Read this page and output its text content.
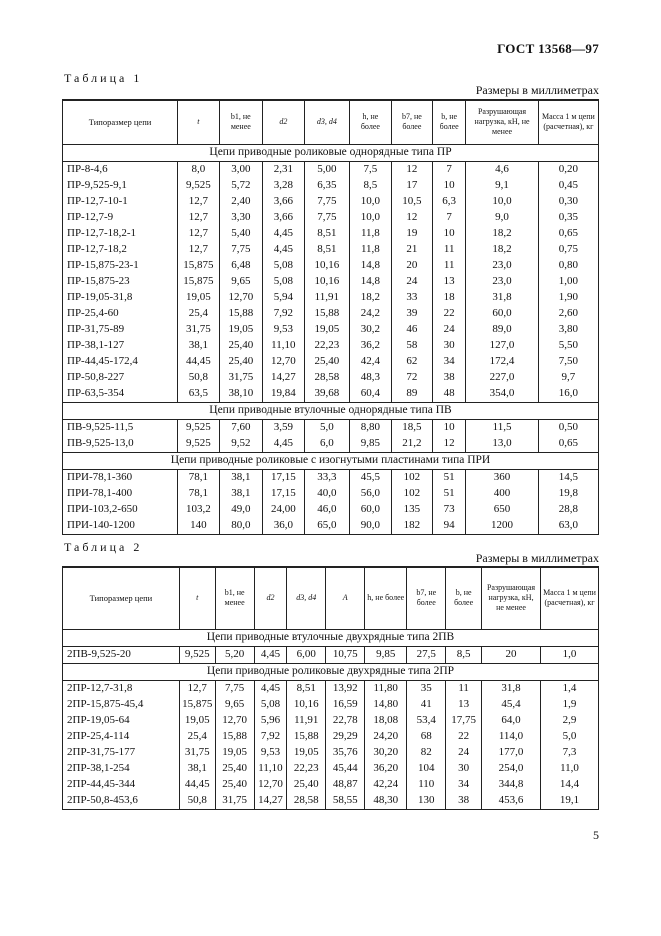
ГОСТ 13568—97
Таблица 1
Размеры в миллиметрах
Типоразмер цепи	t	b1, не менее	d2	d3, d4	h, не более	b7, не более	b, не более	Разрушающая нагрузка, кН, не менее	Масса 1 м цепи (расчетная), кг
Цепи приводные роликовые однорядные типа ПР									
ПР-8-4,6	8,0	3,00	2,31	5,00	7,5	12	7	4,6	0,20
ПР-9,525-9,1	9,525	5,72	3,28	6,35	8,5	17	10	9,1	0,45
ПР-12,7-10-1	12,7	2,40	3,66	7,75	10,0	10,5	6,3	10,0	0,30
ПР-12,7-9	12,7	3,30	3,66	7,75	10,0	12	7	9,0	0,35
ПР-12,7-18,2-1	12,7	5,40	4,45	8,51	11,8	19	10	18,2	0,65
ПР-12,7-18,2	12,7	7,75	4,45	8,51	11,8	21	11	18,2	0,75
ПР-15,875-23-1	15,875	6,48	5,08	10,16	14,8	20	11	23,0	0,80
ПР-15,875-23	15,875	9,65	5,08	10,16	14,8	24	13	23,0	1,00
ПР-19,05-31,8	19,05	12,70	5,94	11,91	18,2	33	18	31,8	1,90
ПР-25,4-60	25,4	15,88	7,92	15,88	24,2	39	22	60,0	2,60
ПР-31,75-89	31,75	19,05	9,53	19,05	30,2	46	24	89,0	3,80
ПР-38,1-127	38,1	25,40	11,10	22,23	36,2	58	30	127,0	5,50
ПР-44,45-172,4	44,45	25,40	12,70	25,40	42,4	62	34	172,4	7,50
ПР-50,8-227	50,8	31,75	14,27	28,58	48,3	72	38	227,0	9,7
ПР-63,5-354	63,5	38,10	19,84	39,68	60,4	89	48	354,0	16,0
Цепи приводные втулочные однорядные типа ПВ									
ПВ-9,525-11,5	9,525	7,60	3,59	5,0	8,80	18,5	10	11,5	0,50
ПВ-9,525-13,0	9,525	9,52	4,45	6,0	9,85	21,2	12	13,0	0,65
Цепи приводные роликовые с изогнутыми пластинами типа ПРИ									
ПРИ-78,1-360	78,1	38,1	17,15	33,3	45,5	102	51	360	14,5
ПРИ-78,1-400	78,1	38,1	17,15	40,0	56,0	102	51	400	19,8
ПРИ-103,2-650	103,2	49,0	24,00	46,0	60,0	135	73	650	28,8
ПРИ-140-1200	140	80,0	36,0	65,0	90,0	182	94	1200	63,0
Таблица 2
Размеры в миллиметрах
Типоразмер цепи	t	b1, не менее	d2	d3, d4	A	h, не более	b7, не более	b, не более	Разрушающая нагрузка, кН, не менее	Масса 1 м цепи (расчетная), кг
Цепи приводные втулочные двухрядные типа 2ПВ										
2ПВ-9,525-20	9,525	5,20	4,45	6,00	10,75	9,85	27,5	8,5	20	1,0
Цепи приводные роликовые двухрядные типа 2ПР										
2ПР-12,7-31,8	12,7	7,75	4,45	8,51	13,92	11,80	35	11	31,8	1,4
2ПР-15,875-45,4	15,875	9,65	5,08	10,16	16,59	14,80	41	13	45,4	1,9
2ПР-19,05-64	19,05	12,70	5,96	11,91	22,78	18,08	53,4	17,75	64,0	2,9
2ПР-25,4-114	25,4	15,88	7,92	15,88	29,29	24,20	68	22	114,0	5,0
2ПР-31,75-177	31,75	19,05	9,53	19,05	35,76	30,20	82	24	177,0	7,3
2ПР-38,1-254	38,1	25,40	11,10	22,23	45,44	36,20	104	30	254,0	11,0
2ПР-44,45-344	44,45	25,40	12,70	25,40	48,87	42,24	110	34	344,8	14,4
2ПР-50,8-453,6	50,8	31,75	14,27	28,58	58,55	48,30	130	38	453,6	19,1
5
